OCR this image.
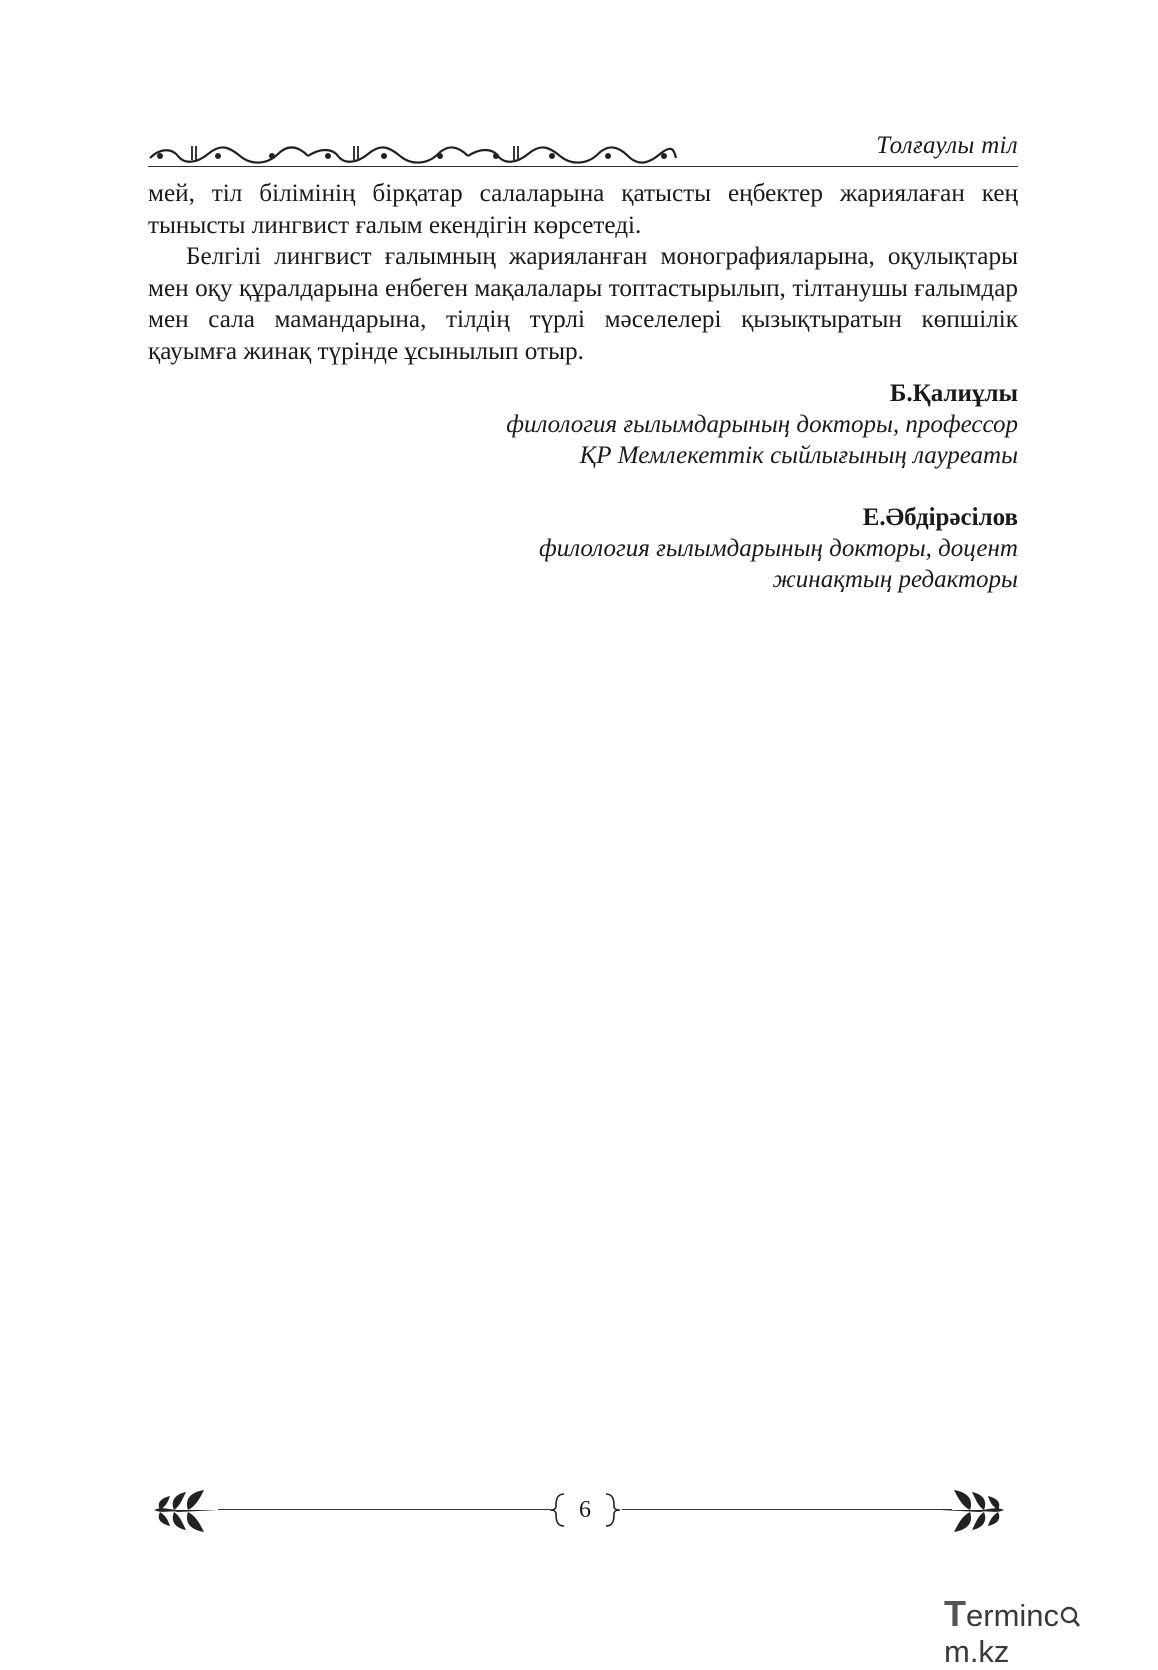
Толғаулы тіл

мей, тіл білімінің бірқатар салаларына қатысты еңбектер жариялаған кең тынысты лингвист ғалым екендігін көрсетеді.

Белгілі лингвист ғалымның жарияланған монографияларына, оқулықтары мен оқу құралдарына енбеген мақалалары топтастырылып, тілтанушы ғалымдар мен сала мамандарына, тілдің түрлі мәселелері қызықтыратын көпшілік қауымға жинақ түрінде ұсынылып отыр.

Б.Қалиұлы
филология ғылымдарының докторы, профессор
ҚР Мемлекеттік сыйлығының лауреаты
Е.Әбдірәсілов
филология ғылымдарының докторы, доцент
жинақтың редакторы
6
Termincm.kz
